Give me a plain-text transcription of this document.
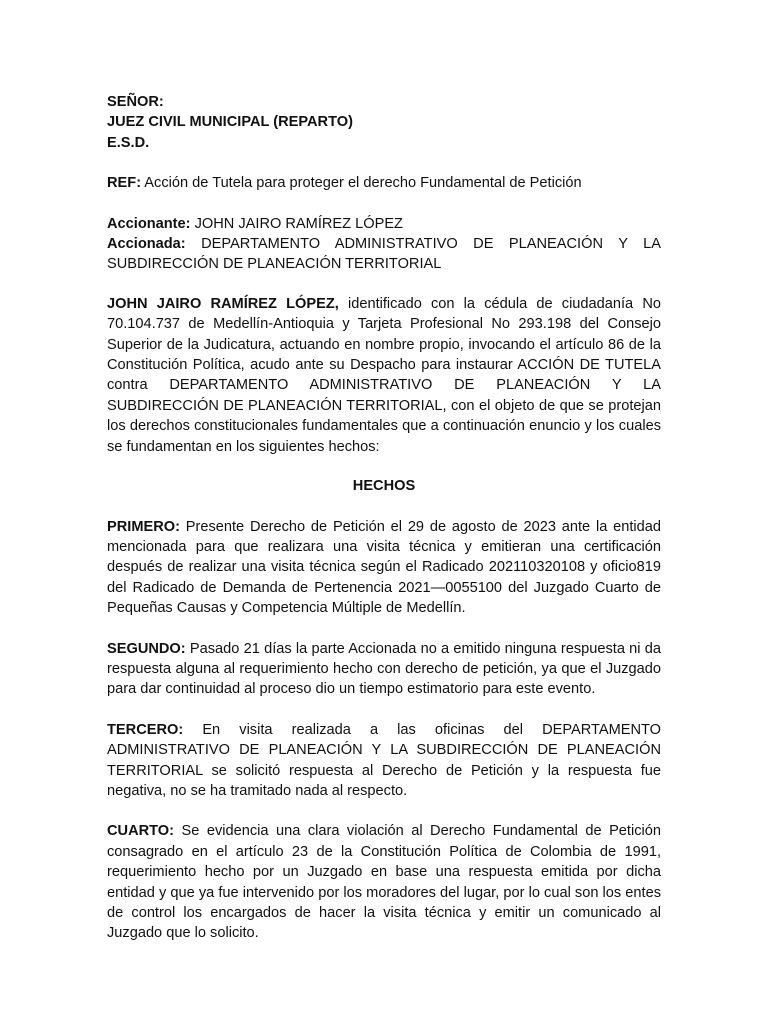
SEÑOR:
JUEZ CIVIL MUNICIPAL (REPARTO)
E.S.D.
REF: Acción de Tutela para proteger el derecho Fundamental de Petición
Accionante: JOHN JAIRO RAMÍREZ LÓPEZ
Accionada: DEPARTAMENTO ADMINISTRATIVO DE PLANEACIÓN Y LA SUBDIRECCIÓN DE PLANEACIÓN TERRITORIAL
JOHN JAIRO RAMÍREZ LÓPEZ, identificado con la cédula de ciudadanía No 70.104.737 de Medellín-Antioquia y Tarjeta Profesional No 293.198 del Consejo Superior de la Judicatura, actuando en nombre propio, invocando el artículo 86 de la Constitución Política, acudo ante su Despacho para instaurar ACCIÓN DE TUTELA contra DEPARTAMENTO ADMINISTRATIVO DE PLANEACIÓN Y LA SUBDIRECCIÓN DE PLANEACIÓN TERRITORIAL, con el objeto de que se protejan los derechos constitucionales fundamentales que a continuación enuncio y los cuales se fundamentan en los siguientes hechos:
HECHOS
PRIMERO: Presente Derecho de Petición el 29 de agosto de 2023 ante la entidad mencionada para que realizara una visita técnica y emitieran una certificación después de realizar una visita técnica según el Radicado 202110320108 y oficio819 del Radicado de Demanda de Pertenencia 2021—0055100 del Juzgado Cuarto de Pequeñas Causas y Competencia Múltiple de Medellín.
SEGUNDO: Pasado 21 días la parte Accionada no a emitido ninguna respuesta ni da respuesta alguna al requerimiento hecho con derecho de petición, ya que el Juzgado para dar continuidad al proceso dio un tiempo estimatorio para este evento.
TERCERO: En visita realizada a las oficinas del DEPARTAMENTO ADMINISTRATIVO DE PLANEACIÓN Y LA SUBDIRECCIÓN DE PLANEACIÓN TERRITORIAL se solicitó respuesta al Derecho de Petición y la respuesta fue negativa, no se ha tramitado nada al respecto.
CUARTO: Se evidencia una clara violación al Derecho Fundamental de Petición consagrado en el artículo 23 de la Constitución Política de Colombia de 1991, requerimiento hecho por un Juzgado en base una respuesta emitida por dicha entidad y que ya fue intervenido por los moradores del lugar, por lo cual son los entes de control los encargados de hacer la visita técnica y emitir un comunicado al Juzgado que lo solicito.
